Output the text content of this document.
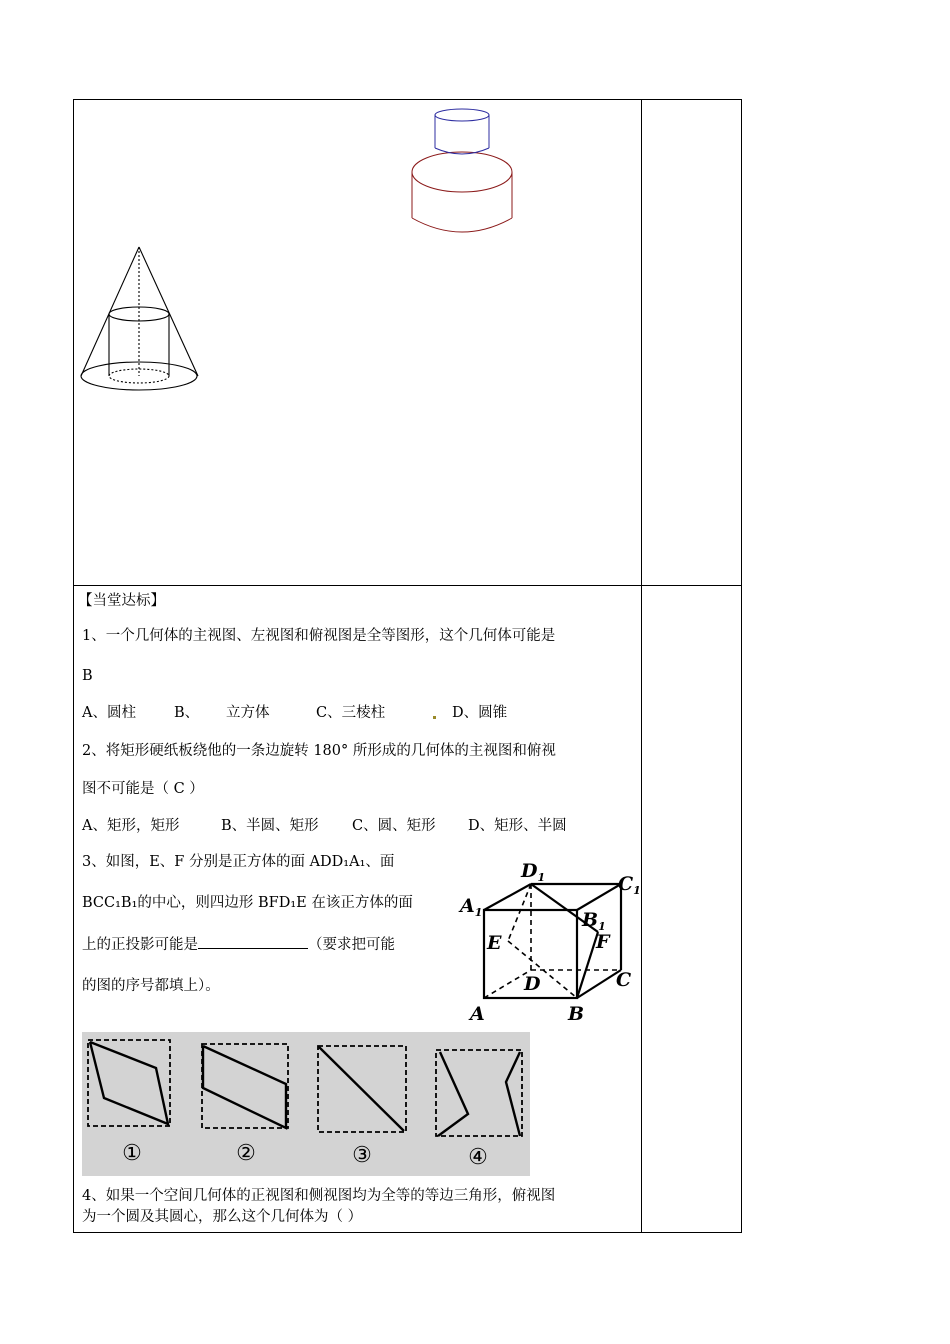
【当堂达标】
1、一个几何体的主视图、左视图和俯视图是全等图形，这个几何体可能是
B
A、圆柱	B、 立方体	C、三棱柱	D、圆锥
2、将矩形硬纸板绕他的一条边旋转 180° 所形成的几何体的主视图和俯视
图不可能是（ C ）
A、矩形，矩形	B、半圆、矩形 C、圆、矩形 D、矩形、半圆
3、如图，E、F 分别是正方体的面 ADD₁A₁、面
BCC₁B₁的中心，则四边形 BFD₁E 在该正方体的面
上的正投影可能是	（要求把可能
的图的序号都填上）。
$D_1$	$C_1$
$A_1$	$B_1$
E	F
D	C
A	B
①	②	③	④
4、如果一个空间几何体的正视图和侧视图均为全等的等边三角形，俯视图
为一个圆及其圆心，那么这个几何体为（ ）
